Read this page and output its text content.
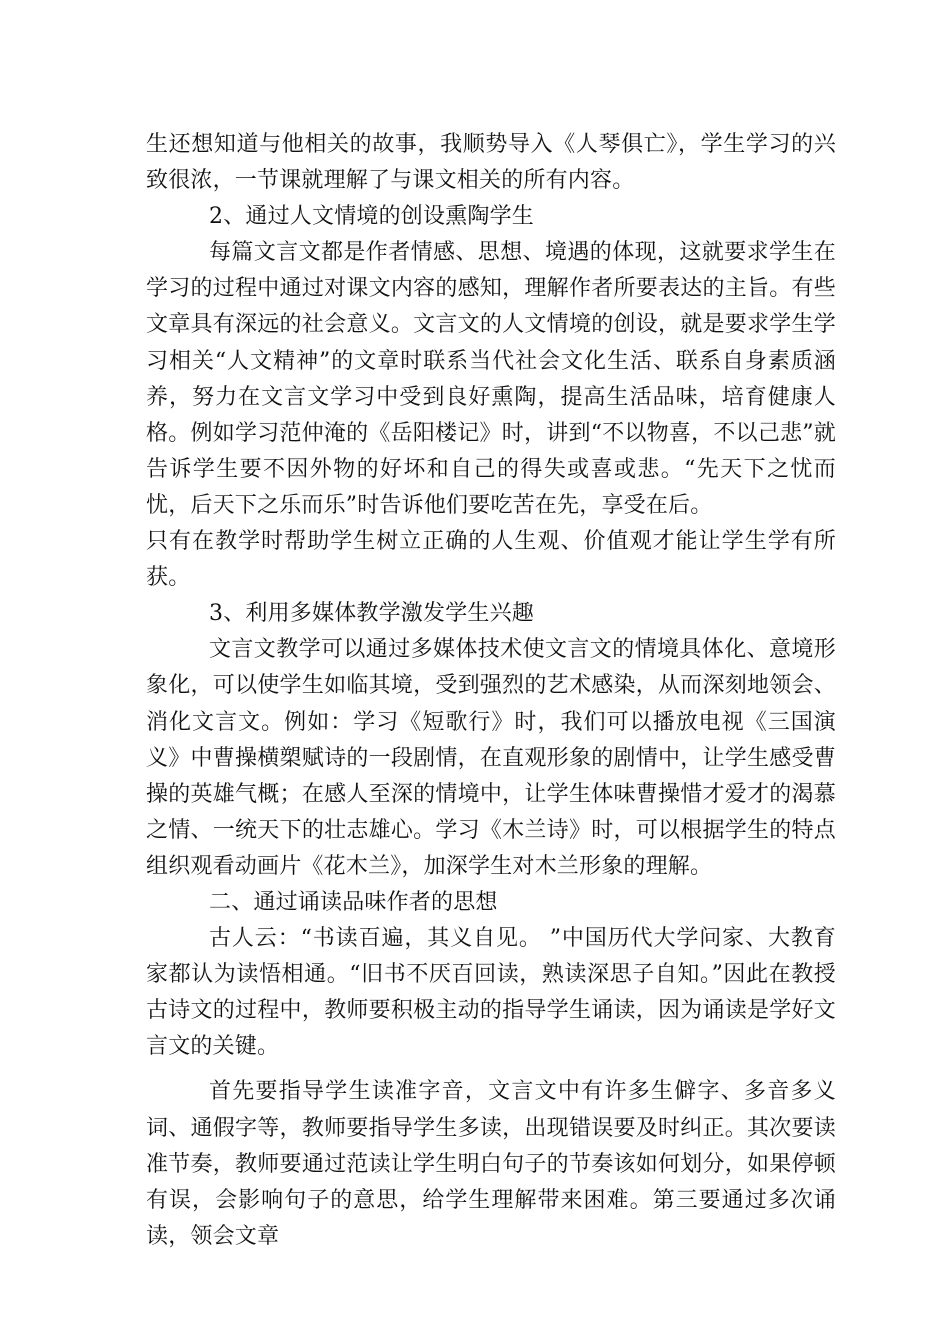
生还想知道与他相关的故事，我顺势导入《人琴俱亡》，学生学习的兴致很浓，一节课就理解了与课文相关的所有内容。

2、通过人文情境的创设熏陶学生

每篇文言文都是作者情感、思想、境遇的体现，这就要求学生在学习的过程中通过对课文内容的感知，理解作者所要表达的主旨。有些文章具有深远的社会意义。文言文的人文情境的创设，就是要求学生学习相关“人文精神”的文章时联系当代社会文化生活、联系自身素质涵养，努力在文言文学习中受到良好熏陶，提高生活品味，培育健康人格。例如学习范仲淹的《岳阳楼记》时，讲到“不以物喜，不以己悲”就告诉学生要不因外物的好坏和自己的得失或喜或悲。“先天下之忧而忧，后天下之乐而乐”时告诉他们要吃苦在先，享受在后。

只有在教学时帮助学生树立正确的人生观、价值观才能让学生学有所获。

3、利用多媒体教学激发学生兴趣

文言文教学可以通过多媒体技术使文言文的情境具体化、意境形象化，可以使学生如临其境，受到强烈的艺术感染，从而深刻地领会、消化文言文。例如：学习《短歌行》时，我们可以播放电视《三国演义》中曹操横槊赋诗的一段剧情，在直观形象的剧情中，让学生感受曹操的英雄气概；在感人至深的情境中，让学生体味曹操惜才爱才的渴慕之情、一统天下的壮志雄心。学习《木兰诗》时，可以根据学生的特点组织观看动画片《花木兰》，加深学生对木兰形象的理解。

二、通过诵读品味作者的思想

古人云：“书读百遍，其义自见。 ”中国历代大学问家、大教育家都认为读悟相通。“旧书不厌百回读，熟读深思子自知。”因此在教授古诗文的过程中，教师要积极主动的指导学生诵读，因为诵读是学好文言文的关键。

首先要指导学生读准字音，文言文中有许多生僻字、多音多义词、通假字等，教师要指导学生多读，出现错误要及时纠正。其次要读准节奏，教师要通过范读让学生明白句子的节奏该如何划分，如果停顿有误，会影响句子的意思，给学生理解带来困难。第三要通过多次诵读，领会文章
